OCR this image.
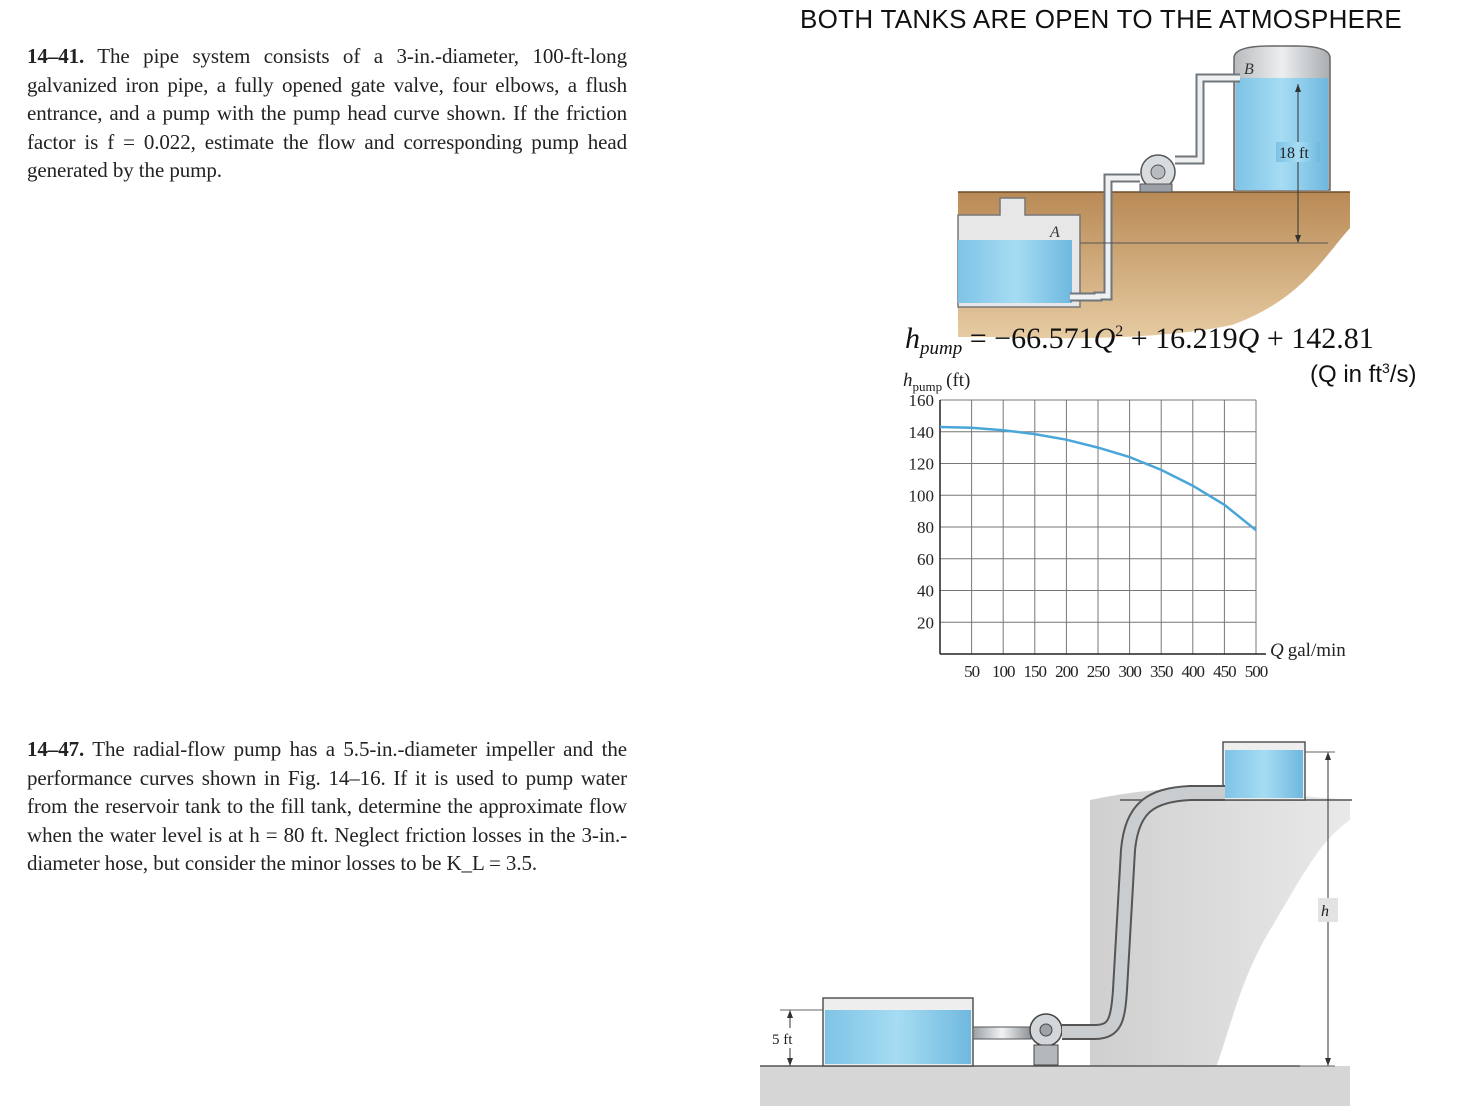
BOTH TANKS ARE OPEN TO THE ATMOSPHERE
14–41. The pipe system consists of a 3-in.-diameter, 100-ft-long galvanized iron pipe, a fully opened gate valve, four elbows, a flush entrance, and a pump with the pump head curve shown. If the friction factor is f = 0.022, estimate the flow and corresponding pump head generated by the pump.
14–47. The radial-flow pump has a 5.5-in.-diameter impeller and the performance curves shown in Fig. 14–16. If it is used to pump water from the reservoir tank to the fill tank, determine the approximate flow when the water level is at h = 80 ft. Neglect friction losses in the 3-in.-diameter hose, but consider the minor losses to be K_L = 3.5.
A
B
18 ft
$h_{pump} = -66.571Q^2 + 16.219Q + 142.81$
(Q in $ft^3/s$)
50 100 150 200 250 300 350 400 450 500
20
40
60
80
100
120
140
160
$h_{pump}$ (ft)
Q gal/min
5 ft
h
